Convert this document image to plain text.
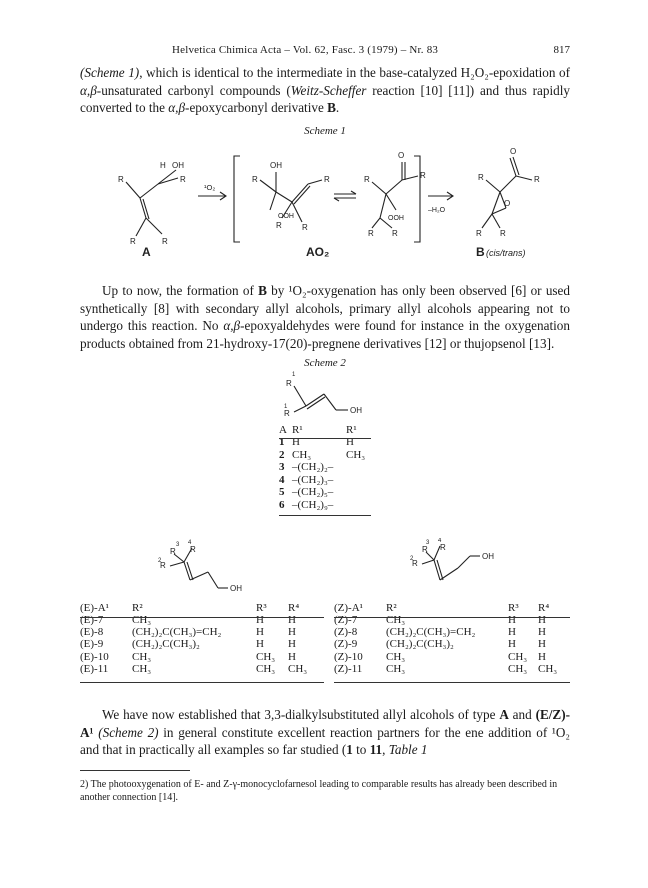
Helvetica Chimica Acta – Vol. 62, Fasc. 3 (1979) – Nr. 83	817

(Scheme 1), which is identical to the intermediate in the base-catalyzed H₂O₂-epoxidation of α,β-unsaturated carbonyl compounds (Weitz-Scheffer reaction [10] [11]) and thus rapidly converted to the α,β-epoxycarbonyl derivative B.

Scheme 1
H OH
R
R
R	R
¹O₂
OH
R	R
R	R
OOH
O
R	R
R R
OOH
–H₂O
O
R	R
O
R R
A	AO₂	B (cis/trans)

Up to now, the formation of B by ¹O₂-oxygenation has only been observed [6] or used synthetically [8] with secondary allyl alcohols, primary allyl alcohols appearing not to undergo this reaction. No α,β-epoxyaldehydes were found for instance in the oxygenation products obtained from 21-hydroxy-17(20)-pregnene derivatives [12] or thujopsenol [13].

Scheme 2
1
R
1
R	OH
A	R¹	R¹
1	H	H
2	CH₃	CH₃
3	–(CH₂)₂–	
4	–(CH₂)₃–	
5	–(CH₂)₅–	
6	–(CH₂)₉–	
3 4
R R
2
R
OH
3 4
R R
2
R
OH
(E)-A¹	R²	R³	R⁴
(E)-7	CH₃	H	H
(E)-8	(CH₂)₂C(CH₃)=CH₂	H	H
(E)-9	(CH₂)₂C(CH₃)₂	H	H
(E)-10	CH₃	CH₃	H
(E)-11	CH₃	CH₃	CH₃
(Z)-A¹	R²	R³	R⁴
(Z)-7	CH₃	H	H
(Z)-8	(CH₂)₂C(CH₃)=CH₂	H	H
(Z)-9	(CH₂)₂C(CH₃)₂	H	H
(Z)-10	CH₃	CH₃	H
(Z)-11	CH₃	CH₃	CH₃

We have now established that 3,3-dialkylsubstituted allyl alcohols of type A and (E/Z)-A¹ (Scheme 2) in general constitute excellent reaction partners for the ene addition of ¹O₂ and that in practically all examples so far studied (1 to 11, Table 1

2) The photooxygenation of E- and Z-γ-monocyclofarnesol leading to comparable results has already been described in another connection [14].
